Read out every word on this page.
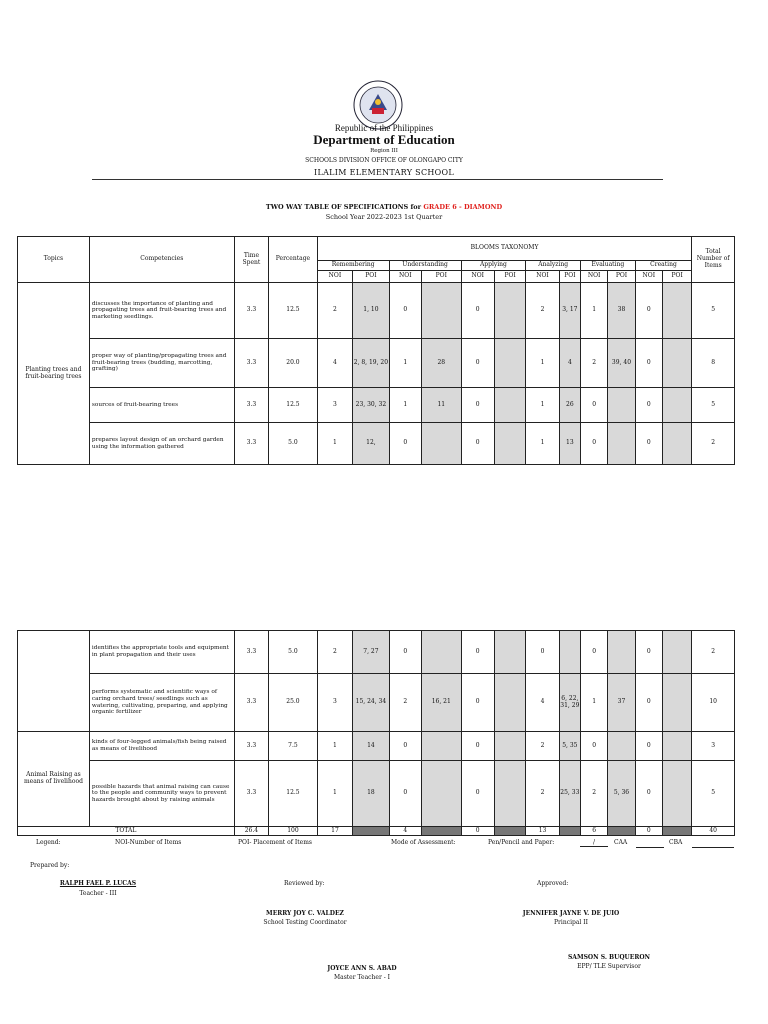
Republic of the Philippines
Department of Education
Region III
SCHOOLS DIVISION OFFICE OF OLONGAPO CITY
ILALIM ELEMENTARY SCHOOL
TWO WAY TABLE OF SPECIFICATIONS for GRADE 6 - DIAMOND
School Year 2022-2023 1st Quarter
Topics	Competencies	Time Spent	Percentage	BLOOMS TAXONOMY												Total Number of Items
				Remembering		Understanding		Applying		Analyzing		Evaluating		Creating		
				NOI	POI	NOI	POI	NOI	POI	NOI	POI	NOI	POI	NOI	POI	
Planting trees and fruit-bearing trees	discusses the importance of planting and propagating trees and fruit-bearing trees and marketing seedlings.	3.3	12.5	2	1, 10	0		0		2	3, 17	1	38	0		5
	proper way of planting/propagating trees and fruit-bearing trees (budding, marcotting, grafting)	3.3	20.0	4	2, 8, 19, 20	1	28	0		1	4	2	39, 40	0		8
	sources of fruit-bearing trees	3.3	12.5	3	23, 30, 32	1	11	0		1	26	0		0		5
	prepares layout design of an orchard garden using the information gathered	3.3	5.0	1	12,	0		0		1	13	0		0		2
	identifies the appropriate tools and equipment in plant propagation and their uses	3.3	5.0	2	7, 27	0		0		0		0		0		2
	performs systematic and scientific ways of caring orchard trees/ seedlings such as watering, cultivating, preparing, and applying organic fertilizer	3.3	25.0	3	15, 24, 34	2	16, 21	0		4	6, 22, 31, 29	1	37	0		10
Animal Raising as means of livelihood	kinds of four-legged animals/fish being raised as means of livelihood	3.3	7.5	1	14	0		0		2	5, 35	0		0		3
	possible hazards that animal raising can cause to the people and community ways to prevent hazards brought about by raising animals	3.3	12.5	1	18	0		0		2	25, 33	2	5, 36	0		5
TOTAL		26.4	100	17		4		0		13		6		0		40
Legend:	NOI-Number of Items	POI- Placement of Items	Mode of Assessment:	Pen/Pencil and Paper:	/	CAA	CBA
Prepared by:
RALPH FAEL P. LUCAS
Teacher - III
Reviewed by:
MERRY JOY C. VALDEZ
School Testing Coordinator
Approved:
JENNIFER JAYNE V. DE JUIO
Principal II
SAMSON S. BUQUERON
EPP/ TLE Supervisor
JOYCE ANN S. ABAD
Master Teacher - I
